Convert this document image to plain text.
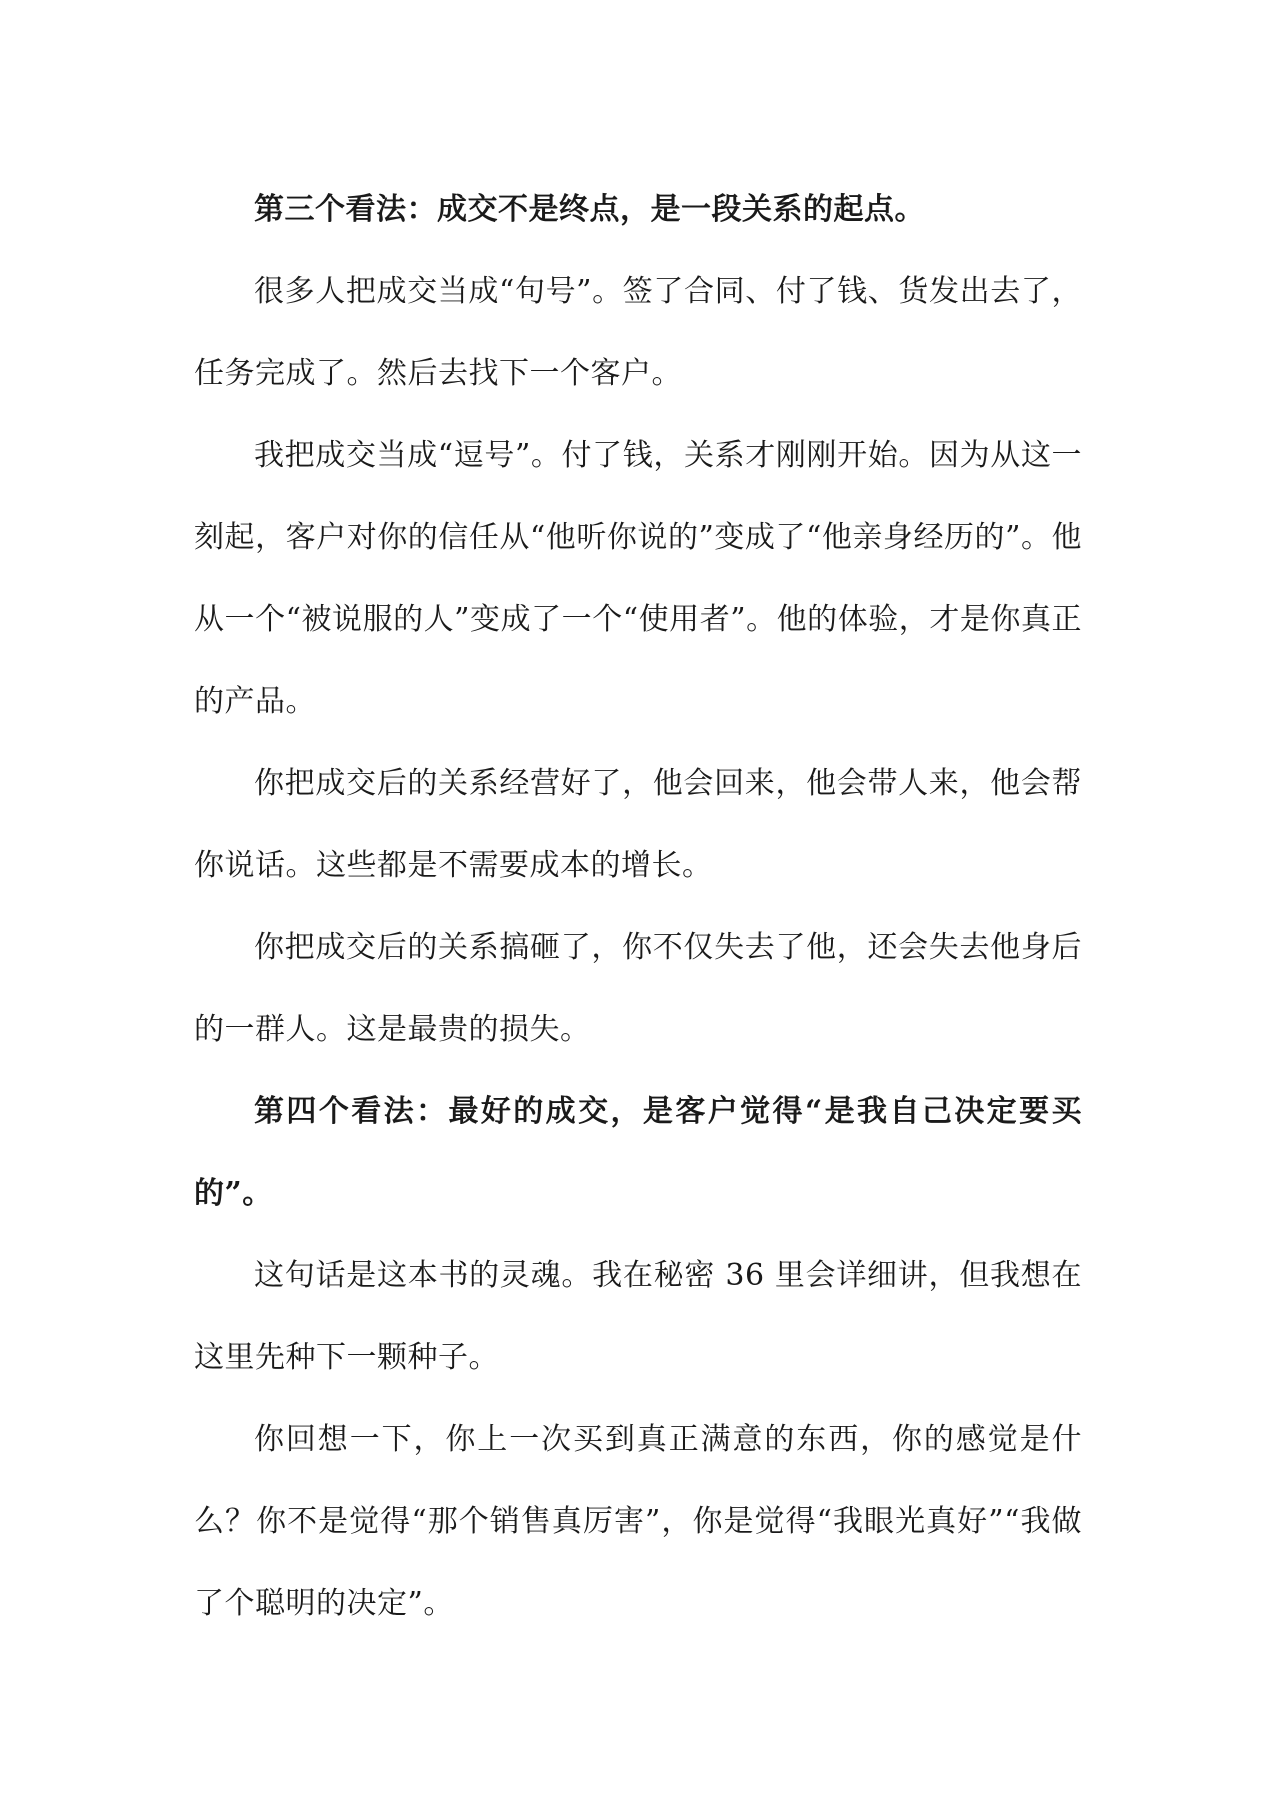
第三个看法：成交不是终点，是一段关系的起点。

很多人把成交当成“句号”。签了合同、付了钱、货发出去了，任务完成了。然后去找下一个客户。

我把成交当成“逗号”。付了钱，关系才刚刚开始。因为从这一刻起，客户对你的信任从“他听你说的”变成了“他亲身经历的”。他从一个“被说服的人”变成了一个“使用者”。他的体验，才是你真正的产品。

你把成交后的关系经营好了，他会回来，他会带人来，他会帮你说话。这些都是不需要成本的增长。

你把成交后的关系搞砸了，你不仅失去了他，还会失去他身后的一群人。这是最贵的损失。

第四个看法：最好的成交，是客户觉得“是我自己决定要买的”。

这句话是这本书的灵魂。我在秘密 36 里会详细讲，但我想在这里先种下一颗种子。

你回想一下，你上一次买到真正满意的东西，你的感觉是什么？你不是觉得“那个销售真厉害”，你是觉得“我眼光真好”“我做了个聪明的决定”。
